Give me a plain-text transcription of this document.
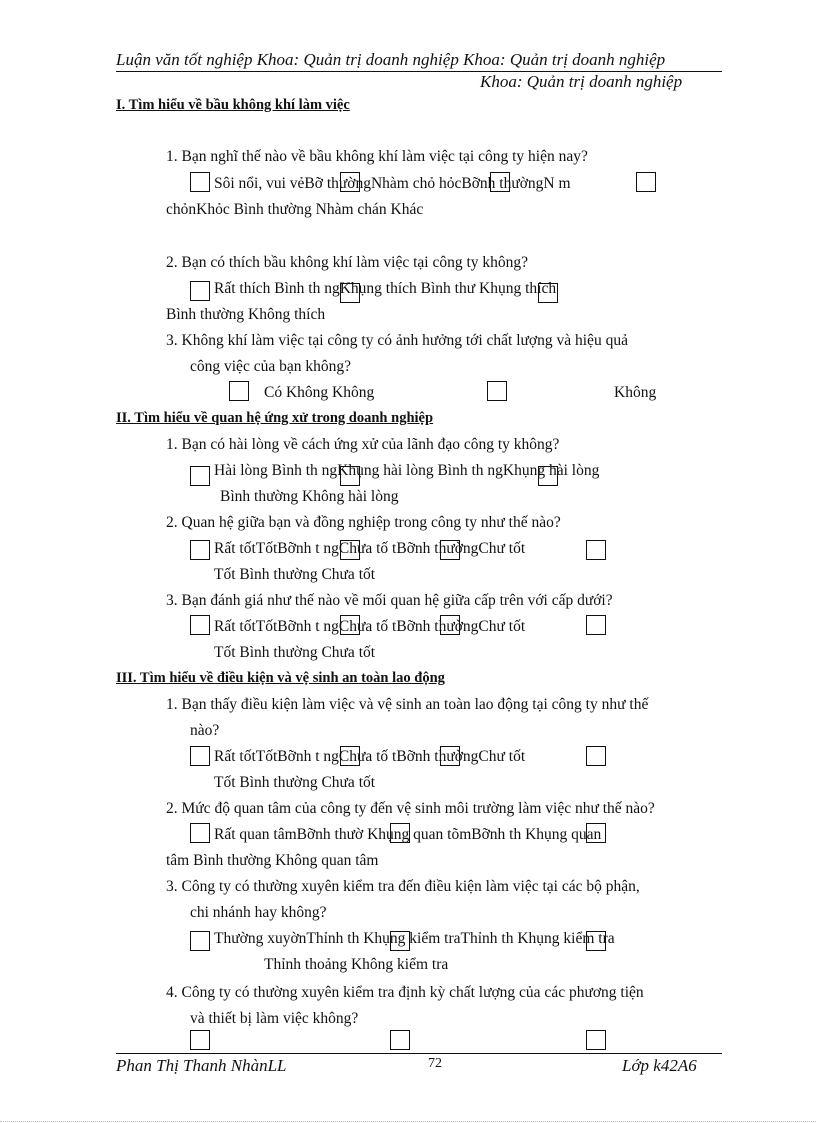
Luận văn tốt nghiệp Khoa: Quản trị doanh nghiệp Khoa: Quản trị doanh nghiệp
Khoa: Quản trị doanh nghiệp
I. Tìm hiểu về bầu không khí làm việc
1. Bạn nghĩ thế nào về bầu không khí làm việc tại công ty hiện nay?
Sôi nổi, vui vẻBỡ thườngNhàm chỏ hỏcBỡnh thườngN m
chỏnKhỏc Bình thường Nhàm chán Khác
2. Bạn có thích bầu không khí làm việc tại công ty không?
Rất thích Bình th ngKhụng thích Bình thư Khụng thích
Bình thường Không thích
3. Không khí làm việc tại công ty có ảnh hưởng tới chất lượng và hiệu quả
công việc của bạn không?
Có Không Không	Không
II. Tìm hiểu về quan hệ ứng xử trong doanh nghiệp
1. Bạn có hài lòng về cách ứng xử của lãnh đạo công ty không?
Hài lòng Bình th ngKhụng hài lòng Bình th ngKhụng hài lòng
Bình thường Không hài lòng
2. Quan hệ giữa bạn và đồng nghiệp trong công ty như thế nào?
Rất tốtTốtBỡnh t ngChưa tố tBỡnh thườngChư tốt
Tốt Bình thường Chưa tốt
3. Bạn đánh giá như thế nào về mối quan hệ giữa cấp trên với cấp dưới?
Rất tốtTốtBỡnh t ngChưa tố tBỡnh thườngChư tốt
Tốt Bình thường Chưa tốt
III. Tìm hiểu về điều kiện và vệ sinh an toàn lao động
1. Bạn thấy điều kiện làm việc và vệ sinh an toàn lao động tại công ty như thế
nào?
Rất tốtTốtBỡnh t ngChưa tố tBỡnh thườngChư tốt
Tốt Bình thường Chưa tốt
2. Mức độ quan tâm của công ty đến vệ sinh môi trường làm việc như thế nào?
Rất quan tâmBỡnh thườ Khụng quan tõmBỡnh th Khụng quan
tâm Bình thường Không quan tâm
3. Công ty có thường xuyên kiểm tra đến điều kiện làm việc tại các bộ phận,
chi nhánh hay không?
Thường xuyờnThỉnh th Khụng kiểm traThỉnh th Khụng kiểm tra
Thỉnh thoảng Không kiểm tra
4. Công ty có thường xuyên kiểm tra định kỳ chất lượng của các phương tiện
và thiết bị làm việc không?
Phan Thị Thanh NhànLL	72	Lớp k42A6
